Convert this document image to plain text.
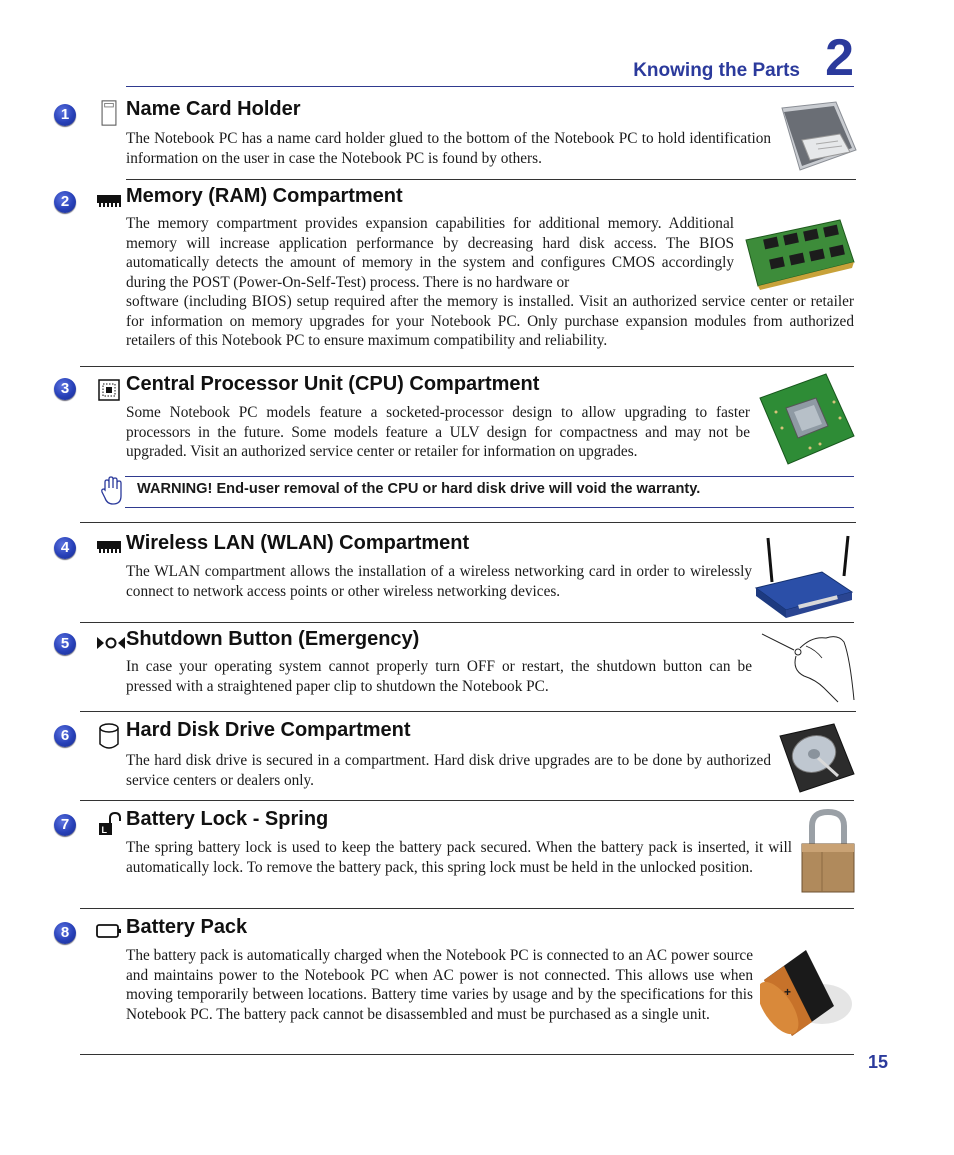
Knowing the Parts 2
1	Name Card Holder
The Notebook PC has a name card holder glued to the bottom of the Notebook PC to hold identification information on the user in case the Notebook PC is found by others.
2	Memory (RAM) Compartment
The memory compartment provides expansion capabilities for additional memory. Additional memory will increase application performance by decreasing hard disk access. The BIOS automatically detects the amount of memory in the system and configures CMOS accordingly during the POST (Power-On-Self-Test) process. There is no hardware or
software (including BIOS) setup required after the memory is installed. Visit an authorized service center or retailer for information on memory upgrades for your Notebook PC. Only purchase expansion modules from authorized retailers of this Notebook PC to ensure maximum compatibility and reliability.
3	Central Processor Unit (CPU) Compartment
Some Notebook PC models feature a socketed-processor design to allow upgrading to faster processors in the future. Some models feature a ULV design for compactness and may not be upgraded. Visit an authorized service center or retailer for information on upgrades.
WARNING! End-user removal of the CPU or hard disk drive will void the warranty.
4	Wireless LAN (WLAN) Compartment
The WLAN compartment allows the installation of a wireless networking card in order to wirelessly connect to network access points or other wireless networking devices.
5	Shutdown Button (Emergency)
In case your operating system cannot properly turn OFF or restart, the shutdown button can be pressed with a straightened paper clip to shutdown the Notebook PC.
6	Hard Disk Drive Compartment
The hard disk drive is secured in a compartment. Hard disk drive upgrades are to be done by authorized service centers or dealers only.
7	L Battery Lock - Spring
The spring battery lock is used to keep the battery pack secured. When the battery pack is inserted, it will automatically lock. To remove the battery pack, this spring lock must be held in the unlocked position.
8	Battery Pack
The battery pack is automatically charged when the Notebook PC is connected to an AC power source and maintains power to the Notebook PC when AC power is not connected. This allows use when moving temporarily between locations. Battery time varies by usage and by the specifications for this Notebook PC. The battery pack cannot be disassembled and must be purchased as a single unit.
+
15
